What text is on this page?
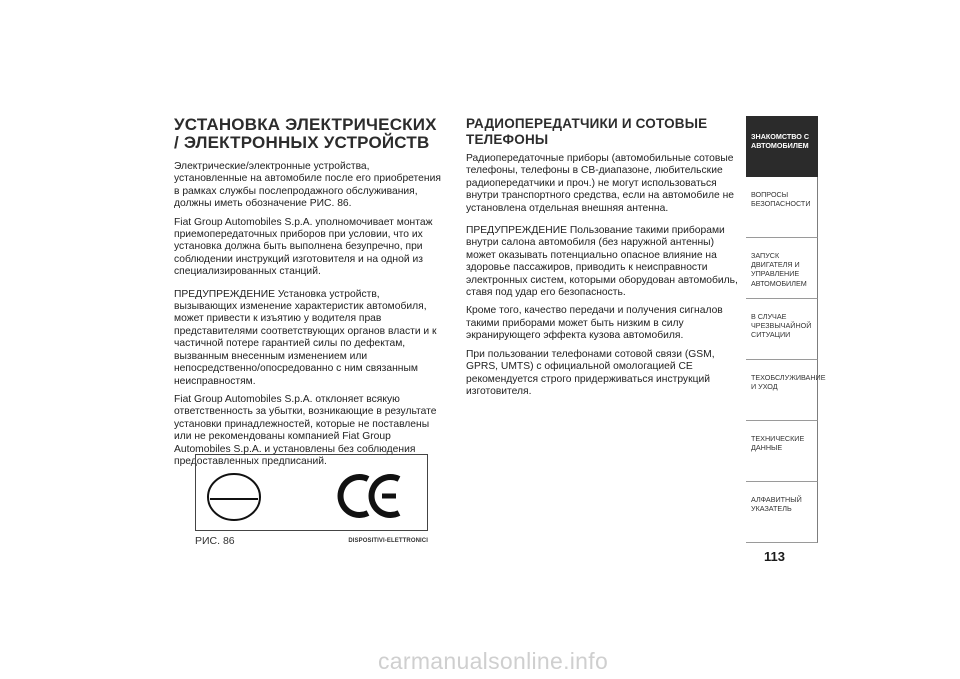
УСТАНОВКА ЭЛЕКТРИЧЕСКИХ / ЭЛЕКТРОННЫХ УСТРОЙСТВ

Электрические/электронные устройства, установленные на автомобиле после его приобретения в рамках службы послепродажного обслуживания, должны иметь обозначение РИС. 86.

Fiat Group Automobiles S.p.A. уполномочивает монтаж приемопередаточных приборов при условии, что их установка должна быть выполнена безупречно, при соблюдении инструкций изготовителя и на одной из специализированных станций.

ПРЕДУПРЕЖДЕНИЕ Установка устройств, вызывающих изменение характеристик автомобиля, может привести к изъятию у водителя прав представителями соответствующих органов власти и к частичной потере гарантией силы по дефектам, вызванным внесенным изменением или непосредственно/опосредованно с ним связанным неисправностям.

Fiat Group Automobiles S.p.A. отклоняет всякую ответственность за убытки, возникающие в результате установки принадлежностей, которые не поставлены или не рекомендованы компанией Fiat Group Automobiles S.p.A. и установлены без соблюдения предоставленных предписаний.

РАДИОПЕРЕДАТЧИКИ И СОТОВЫЕ ТЕЛЕФОНЫ

Радиопередаточные приборы (автомобильные сотовые телефоны, телефоны в СВ-диапазоне, любительские радиопередатчики и проч.) не могут использоваться внутри транспортного средства, если на автомобиле не установлена отдельная внешняя антенна.

ПРЕДУПРЕЖДЕНИЕ Пользование такими приборами внутри салона автомобиля (без наружной антенны) может оказывать потенциально опасное влияние на здоровье пассажиров, приводить к неисправности электронных систем, которыми оборудован автомобиль, ставя под удар его безопасность.

Кроме того, качество передачи и получения сигналов такими приборами может быть низким в силу экранирующего эффекта кузова автомобиля.

При пользовании телефонами сотовой связи (GSM, GPRS, UMTS) с официальной омологацией CE рекомендуется строго придерживаться инструкций изготовителя.

РИС. 86	DISPOSITIVI-ELETTRONICI
ЗНАКОМСТВО С АВТОМОБИЛЕМ
ВОПРОСЫ БЕЗОПАСНОСТИ
ЗАПУСК ДВИГАТЕЛЯ И УПРАВЛЕНИЕ АВТОМОБИЛЕМ
В СЛУЧАЕ ЧРЕЗВЫЧАЙНОЙ СИТУАЦИИ
ТЕХОБСЛУЖИВАНИЕ И УХОД
ТЕХНИЧЕСКИЕ ДАННЫЕ
АЛФАВИТНЫЙ УКАЗАТЕЛЬ
113
carmanualsonline.info
